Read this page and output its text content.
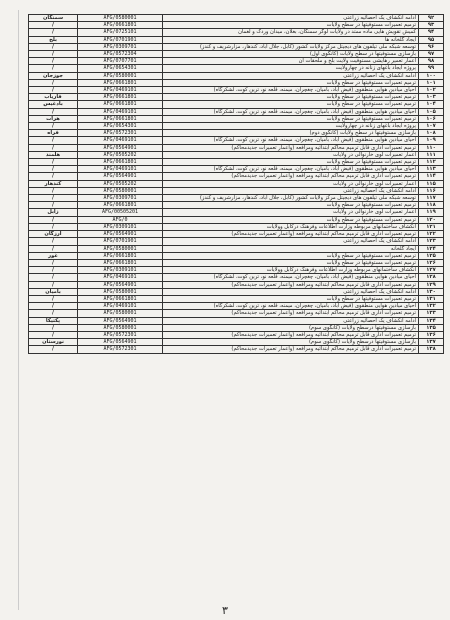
سمنگان	AFG/0580001	ادامه انکشاف یک احصائیه زراعتی	۹۲
/	AFG/0661801	ترمیم تعمیرات مستوفیتها در سطح ولایات	۹۳
/	AFG/0725101	کمیش تقویش هایی ماده ممتد در ولایات لوگر سمنگان، بغلان، میدان وردک و لغمان	۹۴
بلخ	AFG/0701901	ایجاد گلخانه ها	۹۵
/	AFG/0309701	توسعه شبکه ملی تیلفون های دیجیتل مرکز ولایات کشور (کابل، جلال آباد، کندهار، مزارشریف و کندز)	۹۶
/	AFG/0572304	بازسازی مستوفیتها در سطح ولایات (کانگوی اول)	۹۷
/	AFG/0707701	اعمار تعمیر رهایشی مستوفیت ولایت بلخ و ملحقات آن	۹۸
/	AFG/0654301	پروژه ایجاد باغهای زنانه در چهارولایت	۹۹
جوزجان	AFG/0580001	ادامه انکشاف یک احصائیه زراعتی	۱۰۰
/	AFG/0661801	ترمیم تعمیرات مستوفیتها در سطح ولایات	۱۰۱
/	AFG/0469101	احیای میادین هوایی منطقوی (فیض آباد، بامیان، چغچران، میمنه، قلعه نو، ترین کوت، لشکرگاه)	۱۰۲
فاریاب	AFG/0661801	ترمیم تعمیرات مستوفیتها در سطح ولایات	۱۰۳
بادغیس	AFG/0661801	ترمیم تعمیرات مستوفیتها در سطح ولایات	۱۰۴
/	AFG/0469101	احیای میادین هوایی منطقوی (فیض آباد، بامیان، چغچران، میمنه، قلعه نو، ترین کوت، لشکرگاه)	۱۰۵
هرات	AFG/0661801	ترمیم تعمیرات مستوفیتها در سطح ولایات	۱۰۶
/	AFG/0654301	پروژه ایجاد باغهای زنانه در چهارولایت	۱۰۷
فراه	AFG/0572301	بازسازی مستوفیتها در سطح ولایات (کانگوی دوم)	۱۰۸
/	AFG/0469101	احیای میادین هوایی منطقوی (فیض آباد، بامیان، چغچران، میمنه، قلعه نو، ترین کوت، لشکرگاه)	۱۰۹
/	AFG/0564901	ترمیم تعمیرات اداری قابل ترمیم محاکم ابتدائیه ومرافعه (واعمار تعمیرات جدیدمحاکم)	۱۱۰
هلمند	AFG/0505202	اعمار تعمیرات لوی خارنوالی در ولایات	۱۱۱
/	AFG/0661801	ترمیم تعمیرات مستوفیتها در سطح ولایات	۱۱۲
/	AFG/0469101	احیای میادین هوایی منطقوی (فیض آباد، بامیان، چغچران، میمنه، قلعه نو، ترین کوت، لشکرگاه)	۱۱۳
/	AFG/0564901	ترمیم تعمیرات اداری قابل ترمیم محاکم ابتدائیه ومرافعه (واعمار تعمیرات جدیدمحاکم)	۱۱۴
کندهار	AFG/0505202	اعمار تعمیرات لوی خارنوالی در ولایات	۱۱۵
/	AFG/0580001	ادامه انکشاف یک احصائیه زراعتی	۱۱۶
/	AFG/0309701	توسعه شبکه ملی تیلفون های دیجیتل مرکز ولایات کشور (کابل، جلال آباد، کندهار، مزارشریف و کندز)	۱۱۷
/	AFG/0661801	ترمیم تعمیرات مستوفیتها در سطح ولایات	۱۱۸
زابل	AFG/00505201	اعمار تعمیرات لوی خارنوالی در ولایات	۱۱۹
/	AFG/0	ترمیم تعمیرات مستوفیتها در سطح ولایات	۱۲۰
/	AFG/0309101	انکشاف ساختمانهای مربوطه وزارت اطلاعات وفرهنگ درکابل وولایات	۱۲۱
ارزگان	AFG/0564901	ترمیم تعمیرات اداری قابل ترمیم محاکم ابتدائیه ومرافعه (واعمار تعمیرات جدیدمحاکم)	۱۲۲
/	AFG/0701901	ادامه انکشاف یک احصائیه زراعتی	۱۲۳
/	AFG/0580001	ایجاد گلخانه	۱۲۴
غور	AFG/0661801	ترمیم تعمیرات مستوفیتها در سطح ولایات	۱۲۵
/	AFG/0661801	ترمیم تعمیرات مستوفیتها در سطح ولایات	۱۲۶
/	AFG/0309101	انکشاف ساختمانهای مربوطه وزارت اطلاعات وفرهنگ درکابل وولایات	۱۲۷
/	AFG/0469101	احیای میادین هوایی منطقوی (فیض آباد، بامیان، چغچران، میمنه، قلعه نو، ترین کوت، لشکرگاه)	۱۲۸
/	AFG/0564901	ترمیم تعمیرات اداری قابل ترمیم محاکم ابتدائیه ومرافعه (واعمار تعمیرات جدیدمحاکم)	۱۲۹
بامیان	AFG/0580001	ادامه انکشاف یک احصائیه زراعتی	۱۳۰
/	AFG/0661801	ترمیم تعمیرات مستوفیتها در سطح ولایات	۱۳۱
/	AFG/0469101	احیای میادین هوایی منطقوی (فیض آباد، بامیان، چغچران، میمنه، قلعه نو، ترین کوت، لشکرگاه)	۱۳۲
/	AFG/0580001	ترمیم تعمیرات اداری قابل ترمیم محاکم ابتدائیه ومرافعه (واعمار تعمیرات جدیدمحاکم)	۱۳۳
پکتیکا	AFG/0564901	ادامه انکشاف یک احصائیه زراعتی	۱۳۴
/	AFG/0580001	بازسازی مستوفیتها درسطح ولایات (کانگوی سوم)	۱۳۵
/	AFG/0572301	ترمیم تعمیرات اداری قابل ترمیم محاکم ابتدائیه ومرافعه (واعمار تعمیرات جدیدمحاکم)	۱۳۶
نورستان	AFG/0564901	بازسازی مستوفیتها درسطح ولایات (کانگوی سوم)	۱۳۷
/	AFG/0572301	ترمیم تعمیرات اداری قابل ترمیم محاکم ابتدائیه ومرافعه (واعمار تعمیرات جدیدمحاکم)	۱۳۸
۳
